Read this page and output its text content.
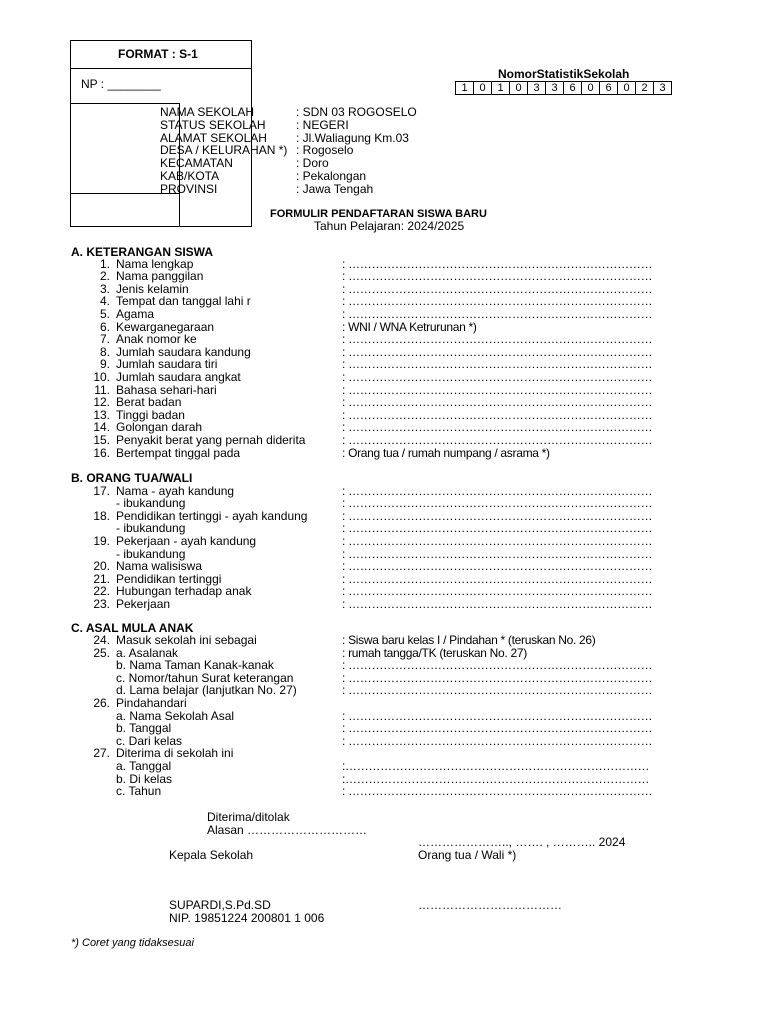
FORMAT : S-1
NP : ________
NomorStatistikSekolah
1	0	1	0	3	3	6	0	6	0	2	3
NAMA SEKOLAH	: SDN 03 ROGOSELO
STATUS SEKOLAH	: NEGERI
ALAMAT SEKOLAH : Jl.Waliagung Km.03
DESA / KELURAHAN *) : Rogoselo
KECAMATAN	: Doro
KAB/KOTA	: Pekalongan
PROVINSI	: Jawa Tengah
FORMULIR PENDAFTARAN SISWA BARU
Tahun Pelajaran: 2024/2025
A. KETERANGAN SISWA
1. Nama lengkap	: ……………………………………………………………………
2. Nama panggilan	: ……………………………………………………………………
3. Jenis kelamin	: ……………………………………………………………………
4. Tempat dan tanggal lahi r	: ……………………………………………………………………
5. Agama	: ……………………………………………………………………
6. Kewarganegaraan	: WNI / WNA Ketrurunan *)
7. Anak nomor ke	: ……………………………………………………………………
8. Jumlah saudara kandung	: ……………………………………………………………………
9. Jumlah saudara tiri	: ……………………………………………………………………
10. Jumlah saudara angkat	: ……………………………………………………………………
11. Bahasa sehari-hari	: ……………………………………………………………………
12. Berat badan	: ……………………………………………………………………
13. Tinggi badan	: ……………………………………………………………………
14. Golongan darah	: ……………………………………………………………………
15. Penyakit berat yang pernah diderita	: ……………………………………………………………………
16. Bertempat tinggal pada	: Orang tua / rumah numpang / asrama *)
B. ORANG TUA/WALI
17. Nama - ayah kandung	: ……………………………………………………………………
- ibukandung	: ……………………………………………………………………
18. Pendidikan tertinggi - ayah kandung	: ……………………………………………………………………
- ibukandung	: ……………………………………………………………………
19. Pekerjaan - ayah kandung	: ……………………………………………………………………
- ibukandung	: ……………………………………………………………………
20. Nama walisiswa	: ……………………………………………………………………
21. Pendidikan tertinggi	: ……………………………………………………………………
22. Hubungan terhadap anak	: ……………………………………………………………………
23. Pekerjaan	: ……………………………………………………………………
C. ASAL MULA ANAK
24. Masuk sekolah ini sebagai	: Siswa baru kelas I / Pindahan * (teruskan No. 26)
25. a. Asalanak	: rumah tangga/TK (teruskan No. 27)
b. Nama Taman Kanak-kanak	: ……………………………………………………………………
c. Nomor/tahun Surat keterangan	: ……………………………………………………………………
d. Lama belajar (lanjutkan No. 27)	: ……………………………………………………………………
26. Pindahandari
a. Nama Sekolah Asal	: ……………………………………………………………………
b. Tanggal	: ……………………………………………………………………
c. Dari kelas	: ……………………………………………………………………
27. Diterima di sekolah ini
a. Tanggal	:……………………………………………………………………
b. Di kelas	:……………………………………………………………………
c. Tahun	: ……………………………………………………………………
Diterima/ditolak
Alasan …………………………
………………….., ……. , ……….. 2024
Kepala Sekolah	Orang tua / Wali *)
SUPARDI,S.Pd.SD	………………………………
NIP. 19851224 200801 1 006
*) Coret yang tidaksesuai
